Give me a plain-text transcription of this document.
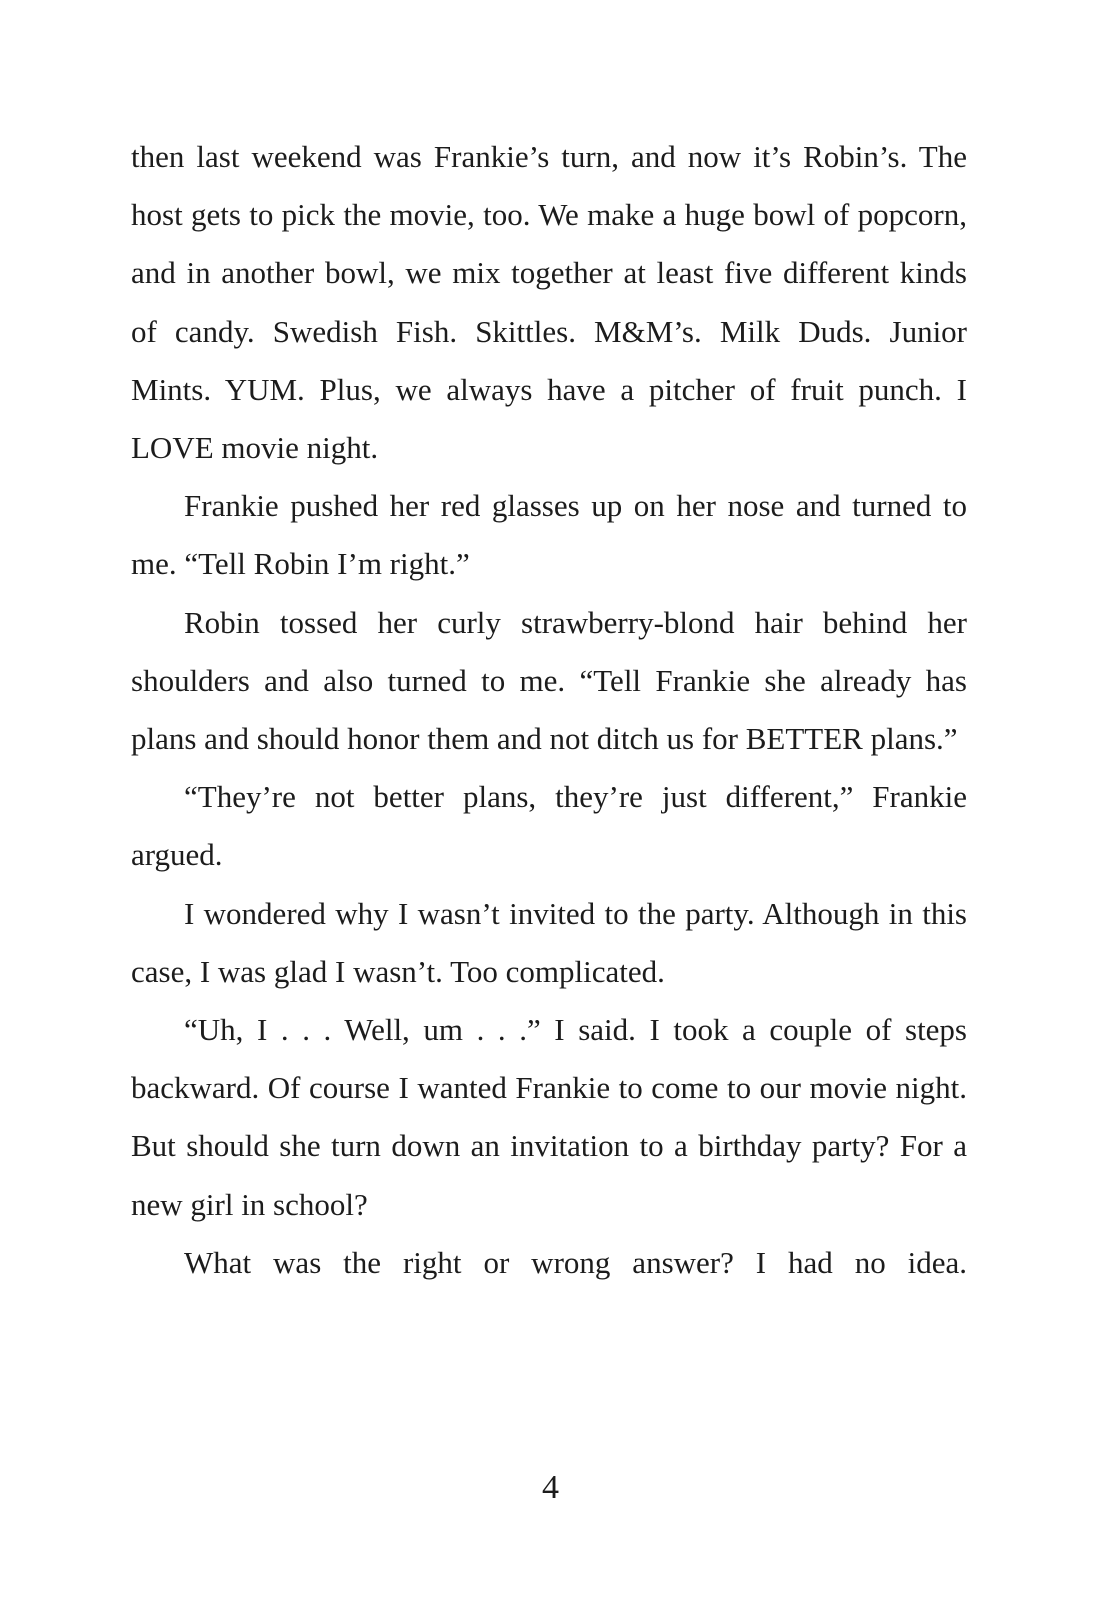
then last weekend was Frankie’s turn, and now it’s Robin’s. The host gets to pick the movie, too. We make a huge bowl of popcorn, and in another bowl, we mix together at least five different kinds of candy. Swedish Fish. Skittles. M&M’s. Milk Duds. Junior Mints. YUM. Plus, we always have a pitcher of fruit punch. I LOVE movie night.

Frankie pushed her red glasses up on her nose and turned to me. “Tell Robin I’m right.”

Robin tossed her curly strawberry-blond hair behind her shoulders and also turned to me. “Tell Frankie she already has plans and should honor them and not ditch us for BETTER plans.”

“They’re not better plans, they’re just different,” Frankie argued.

I wondered why I wasn’t invited to the party. Although in this case, I was glad I wasn’t. Too complicated.

“Uh, I . . . Well, um . . .” I said. I took a couple of steps backward. Of course I wanted Frankie to come to our movie night. But should she turn down an invitation to a birthday party? For a new girl in school?

What was the right or wrong answer? I had no idea.

4
